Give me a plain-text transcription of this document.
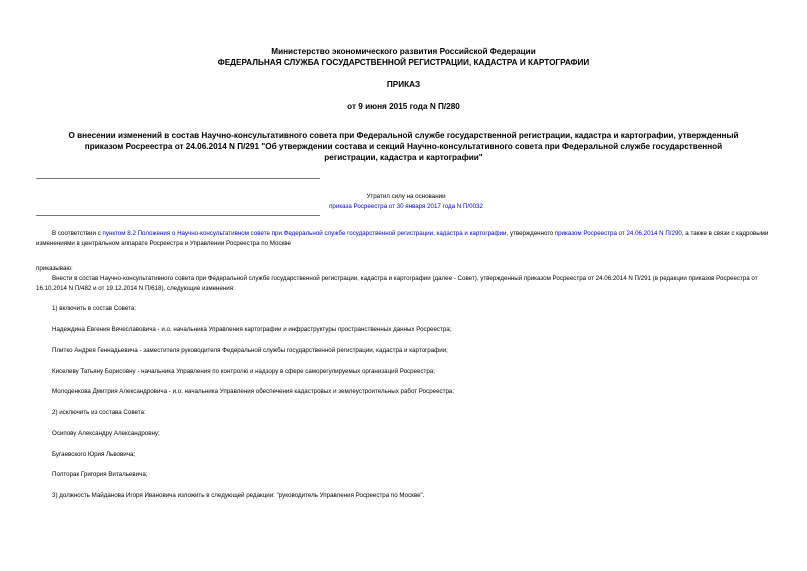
Министерство экономического развития Российской Федерации
ФЕДЕРАЛЬНАЯ СЛУЖБА ГОСУДАРСТВЕННОЙ РЕГИСТРАЦИИ, КАДАСТРА И КАРТОГРАФИИ
ПРИКАЗ
от 9 июня 2015 года N П/280
О внесении изменений в состав Научно-консультативного совета при Федеральной службе государственной регистрации, кадастра и картографии, утвержденный приказом Росреестра от 24.06.2014 N П/291 "Об утверждении состава и секций Научно-консультативного совета при Федеральной службе государственной регистрации, кадастра и картографии"
Утратил силу на основании
приказа Росреестра от 30 января 2017 года N П/0032
В соответствии с пунктом 8.2 Положения о Научно-консультативном совете при Федеральной службе государственной регистрации, кадастра и картографии, утвержденного приказом Росреестра от 24.06.2014 N П/290, а также в связи с кадровыми изменениями в центральном аппарате Росреестра и Управлении Росреестра по Москве
приказываю:
Внести в состав Научно-консультативного совета при Федеральной службе государственной регистрации, кадастра и картографии (далее - Совет), утвержденный приказом Росреестра от 24.06.2014 N П/291 (в редакции приказов Росреестра от 16.10.2014 N П/482 и от 19.12.2014 N П/618), следующие изменения:
1) включить в состав Совета:
Надеждина Евгения Вячеславовича - и.о. начальника Управления картографии и инфраструктуры пространственных данных Росреестра;
Плитко Андрея Геннадьевича - заместителя руководителя Федеральной службы государственной регистрации, кадастра и картографии;
Киселеву Татьяну Борисовну - начальника Управления по контролю и надзору в сфере саморегулируемых организаций Росреестра;
Молоденкова Дмитрия Александровича - и.о. начальника Управления обеспечения кадастровых и землеустроительных работ Росреестра;
2) исключить из состава Совета:
Осипову Александру Александровну;
Бугаевского Юрия Львовича;
Полторак Григория Витальевича;
3) должность Майданова Игоря Ивановича изложить в следующей редакции: "руководитель Управления Росреестра по Москве".
